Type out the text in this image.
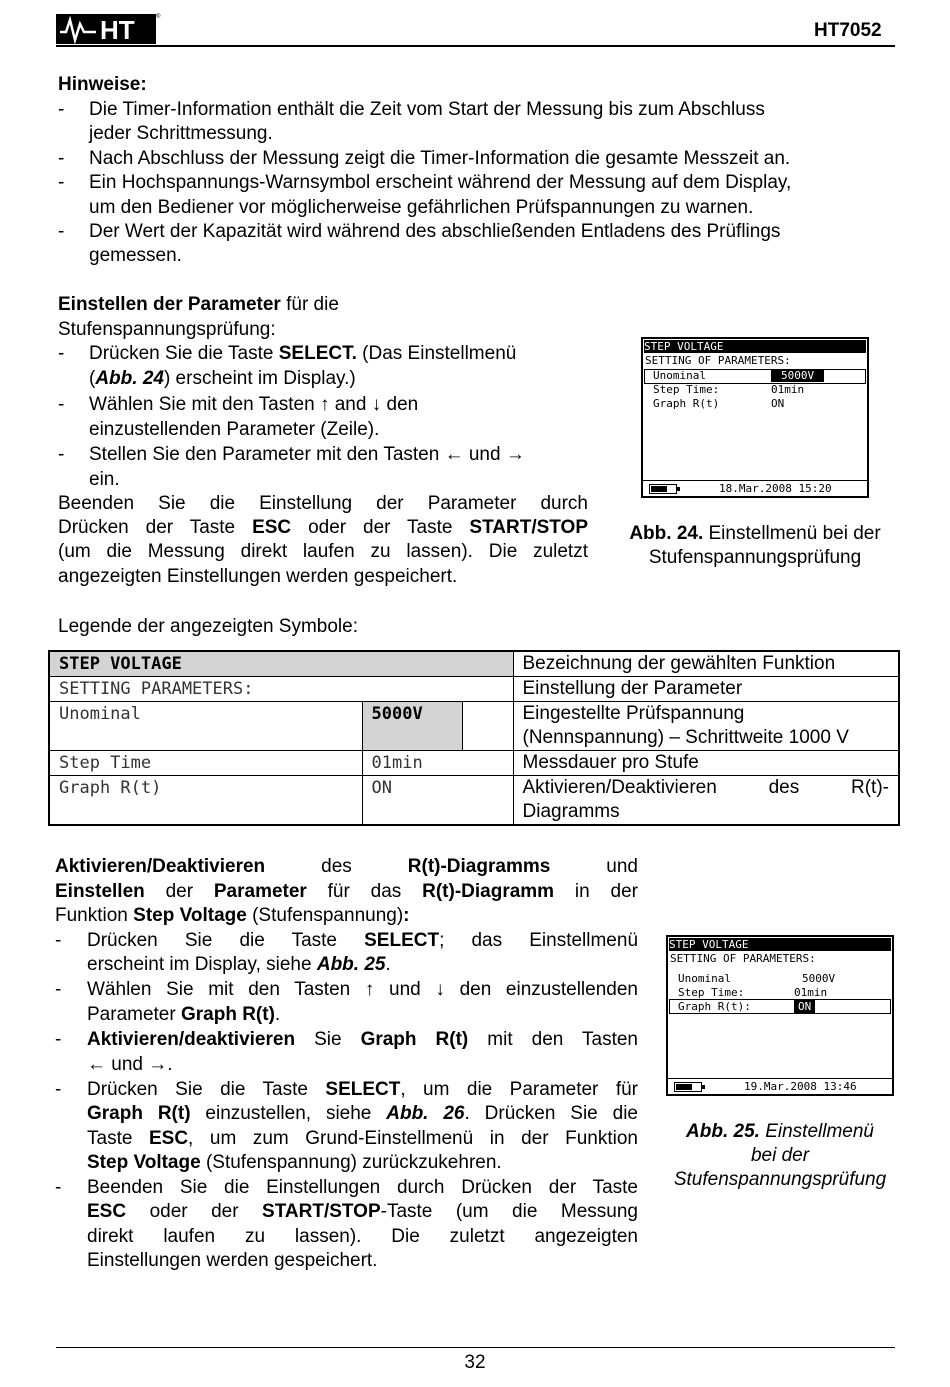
HT	®
HT7052
Hinweise:
- Die Timer-Information enthält die Zeit vom Start der Messung bis zum Abschluss
jeder Schrittmessung.
- Nach Abschluss der Messung zeigt die Timer-Information die gesamte Messzeit an.
- Ein Hochspannungs-Warnsymbol erscheint während der Messung auf dem Display,
um den Bediener vor möglicherweise gefährlichen Prüfspannungen zu warnen.
- Der Wert der Kapazität wird während des abschließenden Entladens des Prüflings
gemessen.
Einstellen der Parameter für die
Stufenspannungsprüfung:
- Drücken Sie die Taste SELECT. (Das Einstellmenü
(Abb. 24) erscheint im Display.)
- Wählen Sie mit den Tasten ↑ and ↓ den
einzustellenden Parameter (Zeile).
- Stellen Sie den Parameter mit den Tasten ← und →
ein.
Beenden Sie die Einstellung der Parameter durch
Drücken der Taste ESC oder der Taste START/STOP
(um die Messung direkt laufen zu lassen). Die zuletzt
angezeigten Einstellungen werden gespeichert.
STEP VOLTAGE
SETTING OF PARAMETERS:
Unominal	5000V
Step Time:	01min
Graph R(t)	ON
18.Mar.2008 15:20
Abb. 24. Einstellmenü bei der
Stufenspannungsprüfung
Legende der angezeigten Symbole:
STEP VOLTAGE			Bezeichnung der gewählten Funktion
SETTING PARAMETERS:			Einstellung der Parameter
Unominal	5000V		Eingestellte Prüfspannung
(Nennspannung) – Schrittweite 1000 V

Step Time	01min		Messdauer pro Stufe
Graph R(t)	ON		Aktivieren/Deaktivieren des R(t)-
Diagramms
Aktivieren/Deaktivieren	des	R(t)-Diagramms	und
Einstellen der Parameter für das R(t)-Diagramm in der
Funktion Step Voltage (Stufenspannung):
- Drücken Sie die Taste SELECT; das Einstellmenü
erscheint im Display, siehe Abb. 25.
- Wählen Sie mit den Tasten ↑ und ↓ den einzustellenden
Parameter Graph R(t).
- Aktivieren/deaktivieren Sie Graph R(t) mit den Tasten
← und →.
- Drücken Sie die Taste SELECT, um die Parameter für
Graph R(t) einzustellen, siehe Abb. 26. Drücken Sie die
Taste ESC, um zum Grund-Einstellmenü in der Funktion
Step Voltage (Stufenspannung) zurückzukehren.
- Beenden Sie die Einstellungen durch Drücken der Taste
ESC oder der START/STOP-Taste (um die Messung
direkt laufen zu lassen). Die zuletzt angezeigten
Einstellungen werden gespeichert.
STEP VOLTAGE
SETTING OF PARAMETERS:
Unominal	5000V
Step Time:	01min
Graph R(t):	ON
19.Mar.2008 13:46
Abb. 25. Einstellmenü
bei der
Stufenspannungsprüfung
32
